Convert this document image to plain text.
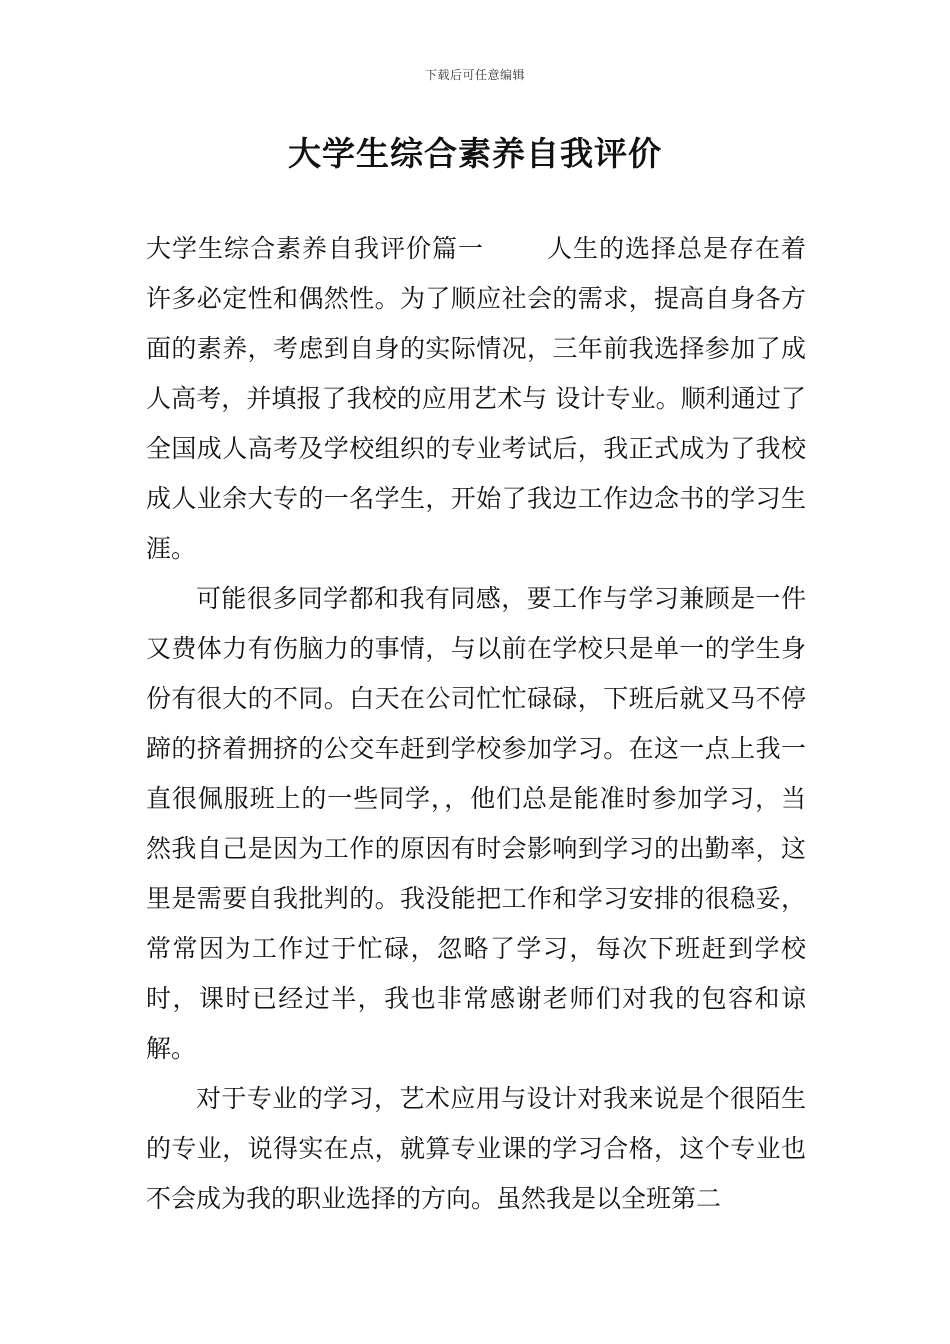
下载后可任意编辑
大学生综合素养自我评价

大学生综合素养自我评价篇一 人生的选择总是存在着许多必定性和偶然性。为了顺应社会的需求，提高自身各方面的素养，考虑到自身的实际情况，三年前我选择参加了成人高考，并填报了我校的应用艺术与 设计专业。顺利通过了全国成人高考及学校组织的专业考试后，我正式成为了我校成人业余大专的一名学生，开始了我边工作边念书的学习生涯。

可能很多同学都和我有同感，要工作与学习兼顾是一件又费体力有伤脑力的事情，与以前在学校只是单一的学生身份有很大的不同。白天在公司忙忙碌碌，下班后就又马不停蹄的挤着拥挤的公交车赶到学校参加学习。在这一点上我一直很佩服班上的一些同学，，他们总是能准时参加学习，当然我自己是因为工作的原因有时会影响到学习的出勤率，这里是需要自我批判的。我没能把工作和学习安排的很稳妥，常常因为工作过于忙碌，忽略了学习，每次下班赶到学校时，课时已经过半，我也非常感谢老师们对我的包容和谅解。

对于专业的学习，艺术应用与设计对我来说是个很陌生的专业，说得实在点，就算专业课的学习合格，这个专业也不会成为我的职业选择的方向。虽然我是以全班第二
